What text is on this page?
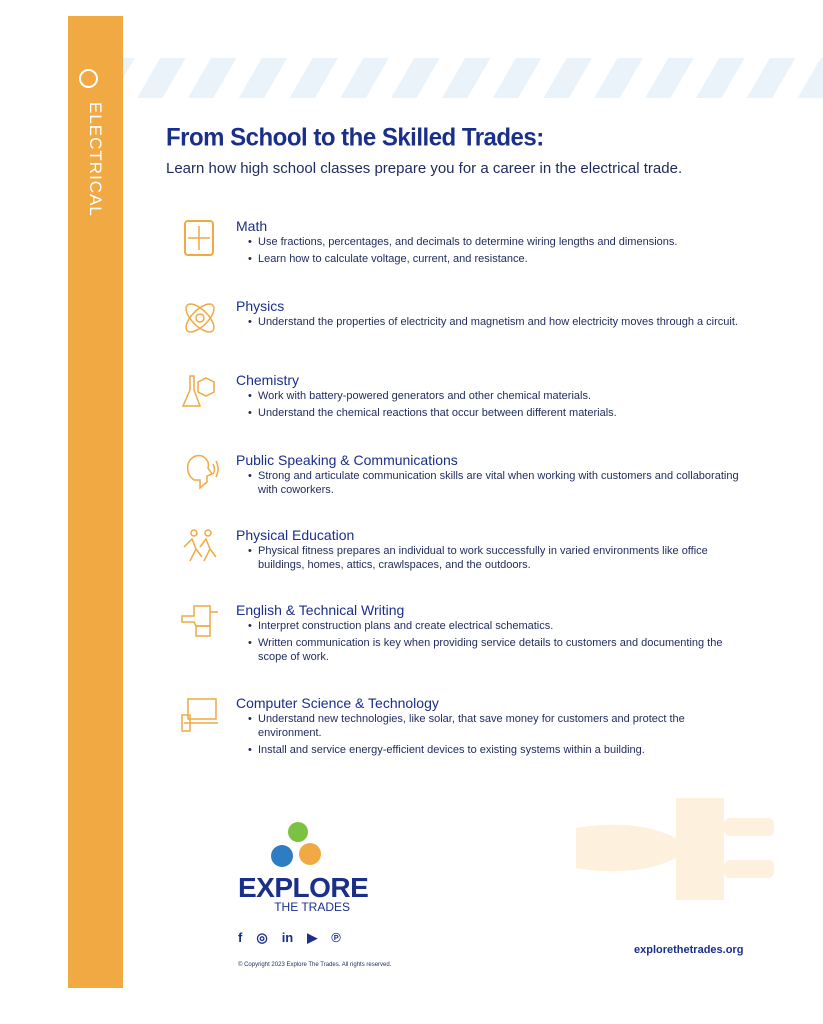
ELECTRICAL	From School to the Skilled Trades:
Learn how high school classes prepare you for a career in the electrical trade.
Math
• Use fractions, percentages, and decimals to determine wiring lengths and dimensions.
• Learn how to calculate voltage, current, and resistance.
Physics
• Understand the properties of electricity and magnetism and how electricity moves through a circuit.
Chemistry
• Work with battery-powered generators and other chemical materials.
• Understand the chemical reactions that occur between different materials.
Public Speaking & Communications
• Strong and articulate communication skills are vital when working with customers and collaborating with coworkers.
Physical Education
• Physical fitness prepares an individual to work successfully in varied environments like office buildings, homes, attics, crawlspaces, and the outdoors.
English & Technical Writing
• Interpret construction plans and create electrical schematics.
• Written communication is key when providing service details to customers and documenting the scope of work.
Computer Science & Technology
• Understand new technologies, like solar, that save money for customers and protect the environment.
• Install and service energy-efficient devices to existing systems within a building.
EXPLORE
THE TRADES
f ◎ in ▶ ℗
© Copyright 2023 Explore The Trades. All rights reserved.
explorethetrades.org
